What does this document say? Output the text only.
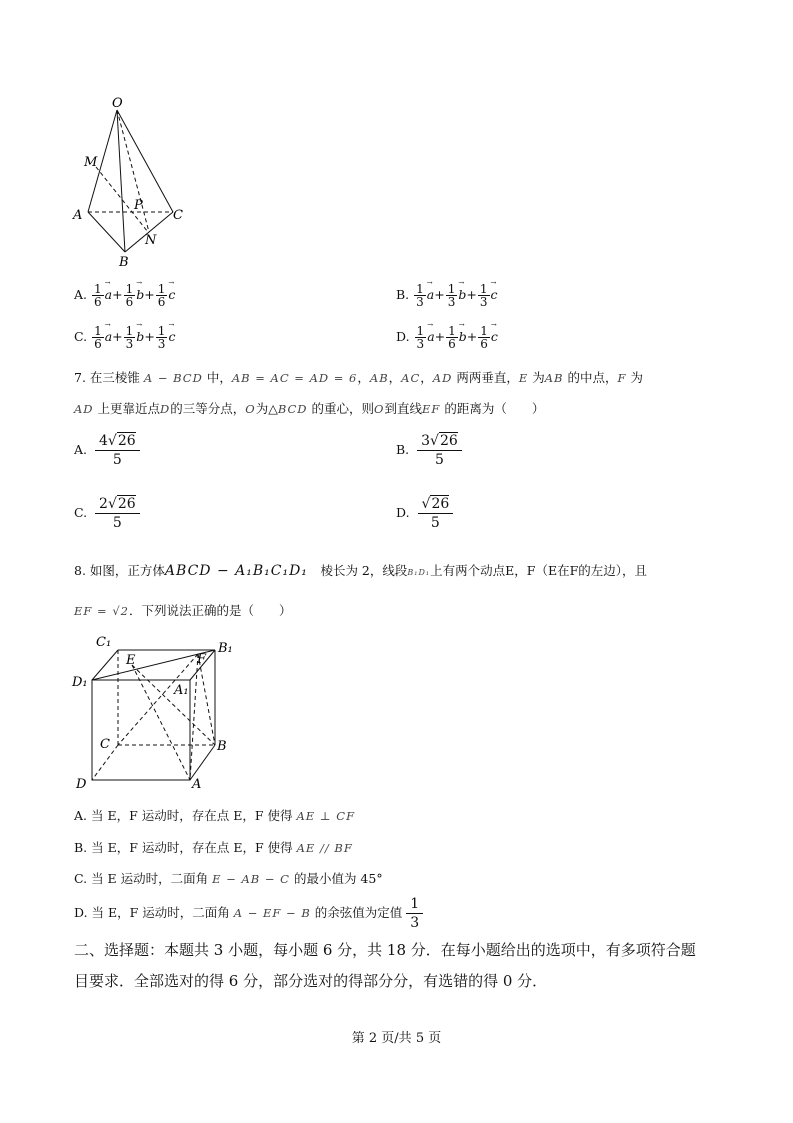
O
M
P
A	C
N
B
A. $\frac{1}{6}$
→ $a+ \frac{1}{6}$
→ $b+ \frac{1}{6}$
→ c	B. $\frac{1}{3}$
→ $a+ \frac{1}{3}$
→ $b+ \frac{1}{3}$
→ c
C. $\frac{1}{6}$
→ $a+ \frac{1}{3}$
→ $b+ \frac{1}{3}$
→ c	D. $\frac{1}{3}$
→ $a+ \frac{1}{6}$
→ $b+ \frac{1}{6}$
→ c
7. 在三棱锥 A − BCD 中，AB = AC = AD = 6，AB，AC，AD 两两垂直，E 为AB 的中点，F 为
AD 上更靠近点D的三等分点，O为△BCD 的重心，则O到直线EF 的距离为（　　）
A. $\frac{4√26}{5}$	B. $\frac{3√26}{5}$
C. $\frac{2√26}{5}$	D. $\frac{√26}{5}$
8. 如图，正方体ABCD − A₁B₁C₁D₁　 棱长为 2，线段B₁D₁上有两个动点E，F（E在F的左边），且
EF = √2．下列说法正确的是（　　）
C₁
E	F
B₁
D₁
A₁
C	B
D	A
A. 当 E，F 运动时，存在点 E，F 使得 AE ⊥ CF
B. 当 E，F 运动时，存在点 E，F 使得 AE // BF
C. 当 E 运动时，二面角 E − AB − C 的最小值为 45°
D. 当 E，F 运动时，二面角 A − EF − B 的余弦值为定值 $\frac{1}{3}$
二、选择题：本题共 3 小题，每小题 6 分，共 18 分．在每小题给出的选项中，有多项符合题
目要求．全部选对的得 6 分，部分选对的得部分分，有选错的得 0 分．
第 2 页/共 5 页
